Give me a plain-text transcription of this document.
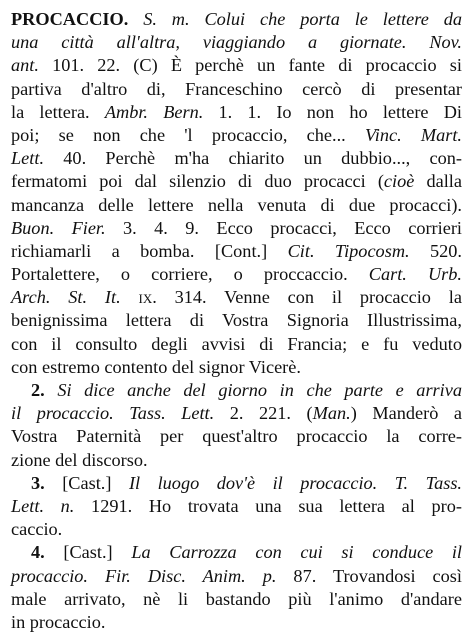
PROCACCIO. S. m. Colui che porta le lettere da
una città all'altra, viaggiando a giornate. Nov.
ant. 101. 22. (C) È perchè un fante di procaccio si
partiva d'altro di, Franceschino cercò di presentar
la lettera. Ambr. Bern. 1. 1. Io non ho lettere Di
poi; se non che 'l procaccio, che... Vinc. Mart.
Lett. 40. Perchè m'ha chiarito un dubbio..., con-
fermatomi poi dal silenzio di duo procacci (cioè dalla
mancanza delle lettere nella venuta di due procacci).
Buon. Fier. 3. 4. 9. Ecco procacci, Ecco corrieri
richiamarli a bomba. [Cont.] Cit. Tipocosm. 520.
Portalettere, o corriere, o proccaccio. Cart. Urb.
Arch. St. It. ix. 314. Venne con il procaccio la
benignissima lettera di Vostra Signoria Illustrissima,
con il consulto degli avvisi di Francia; e fu veduto
con estremo contento del signor Vicerè.
2. Si dice anche del giorno in che parte e arriva
il procaccio. Tass. Lett. 2. 221. (Man.) Manderò a
Vostra Paternità per quest'altro procaccio la corre-
zione del discorso.
3. [Cast.] Il luogo dov'è il procaccio. T. Tass.
Lett. n. 1291. Ho trovata una sua lettera al pro-
caccio.
4. [Cast.] La Carrozza con cui si conduce il
procaccio. Fir. Disc. Anim. p. 87. Trovandosi così
male arrivato, nè li bastando più l'animo d'andare
in procaccio.
